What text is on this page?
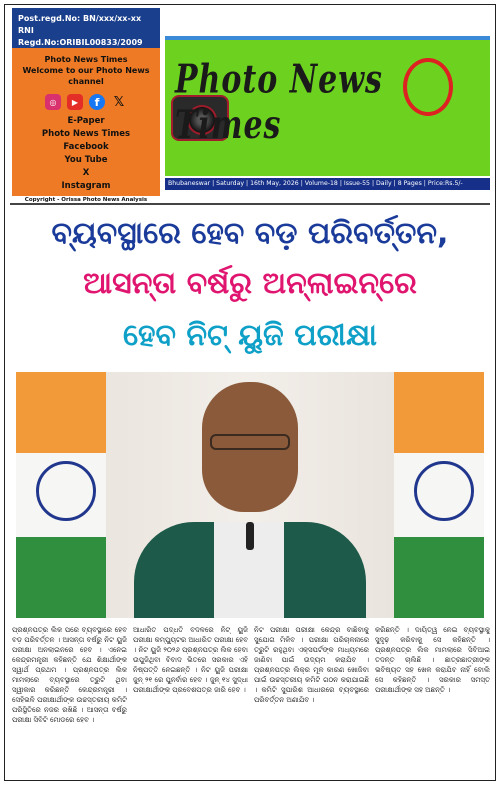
Post.regd.No: BN/xxx/xx-xx
RNI Regd.No:ORIBIL00833/2009
Photo News Times
Welcome to our Photo News channel
◎	▶	f	𝕏
E-Paper
Photo News Times
Facebook
You Tube
X
Instagram
Copyright - Orissa Photo News Analysis
Photo News Times
Bhubaneswar | Saturday | 16th May, 2026 | Volume-18 | Issue-55 | Daily | 8 Pages | Price:Rs.5/-
ବ୍ୟବସ୍ଥାରେ ହେବ ବଡ଼ ପରିବର୍ତ୍ତନ,
ଆସନ୍ତା ବର୍ଷରୁ ଅନ୍‌ଲାଇନ୍‌ରେ
ହେବ ନିଟ୍ ୟୁଜି ପରୀକ୍ଷା
ପ୍ରଶ୍ନପତ୍ର ଲିକ ପରେ ବ୍ୟବସ୍ଥାରେ ହେବ ବଡ଼ ପରିବର୍ତ୍ତନ । ଆସନ୍ତା ବର୍ଷରୁ ନିଟ ୟୁଜି ପରୀକ୍ଷା ଅନଲାଇନରେ ହେବ । ଏନେଇ କେନ୍ଦ୍ରମନ୍ତ୍ରୀ କହିଛନ୍ତି ଯେ ଶିକ୍ଷାର୍ଥୀଙ୍କ ସ୍ୱାର୍ଥ ପ୍ରଥମ । ପ୍ରଶ୍ନପତ୍ର ଲିକ ମାମଲାରେ ବ୍ୟବସ୍ଥାରେ ତ୍ରୁଟି ଥିବା ସ୍ୱୀକାର କରିଛନ୍ତି କେନ୍ଦ୍ରମନ୍ତ୍ରୀ । ସେହିଭଳି ପରୀକ୍ଷାର୍ଥୀଙ୍କ ଉଚ୍ଚସ୍ତରୀୟ କମିଟି ପରିସ୍ଥିତିରେ ନଜର ରଖିଛି । ଆସନ୍ତା ବର୍ଷରୁ ପରୀକ୍ଷା ସିବିଟି ମୋଡରେ ହେବ ।
ଆଧାରିତ ପଦ୍ଧତି ବଦଳରେ ନିଟ୍ ୟୁଜି ପରୀକ୍ଷା କମ୍ପ୍ୟୁଟର ଆଧାରିତ ପରୀକ୍ଷା ହେବ । ନିଟ ୟୁଜି ୨୦୨୬ ପ୍ରଶ୍ନପତ୍ର ଲିକ ହେବା ଉପୁଜିଥିବା ବିବାଦ ଭିତରେ ସରକାର ଏହି ନିଷ୍ପତ୍ତି ନେଇଛନ୍ତି । ନିଟ ୟୁଜି ପରୀକ୍ଷା ଜୁନ୍ ୨୧ ରେ ପୁନର୍ବାର ହେବ । ଜୁନ୍ ୧୪ ସୁଦ୍ଧା ପରୀକ୍ଷାର୍ଥୀଙ୍କ ପ୍ରବେଶପତ୍ର ଜାରି ହେବ ।
ନିଟ ପରୀକ୍ଷା ପରୀକ୍ଷା କେନ୍ଦ୍ର ବାଛିବାକୁ ସୁଯୋଗ ମିଳିବ । ପରୀକ୍ଷା ପରିଚାଳନାରେ ତ୍ରୁଟି ରହୁଥିବା ଏକ୍ସପର୍ଟଙ୍କ ମାଧ୍ୟମରେ ଜାଣିବା ପାଇଁ ଉଦ୍ୟମ କରାଯିବ । ପ୍ରଶ୍ନପତ୍ର ଲିକ୍‌ର ମୂଳ କାରଣ ଖୋଜିବା ପାଇଁ ଉଚ୍ଚସ୍ତରୀୟ କମିଟି ଗଠନ କରାଯାଇଛି । କମିଟି ସୁପାରିଶ ଆଧାରରେ ବ୍ୟବସ୍ଥାରେ ପରିବର୍ତ୍ତନ ଅଣାଯିବ ।
କରିଛନ୍ତି । ଦାୟିତ୍ୱ ନେଇ ବ୍ୟବସ୍ଥାକୁ ସୁଦୃଢ଼ କରିବାକୁ ସେ କହିଛନ୍ତି । ପ୍ରଶ୍ନପତ୍ର ଲିକ ମାମଲାରେ ସିବିଆଇ ତଦନ୍ତ ଚାଲିଛି । ଛାତ୍ରଛାତ୍ରୀଙ୍କ ଭବିଷ୍ୟତ ସହ ଖେଳ କରାଯିବ ନାହିଁ ବୋଲି ସେ କହିଛନ୍ତି । ସରକାର ସମସ୍ତ ପରୀକ୍ଷାର୍ଥୀଙ୍କ ସହ ଅଛନ୍ତି ।
